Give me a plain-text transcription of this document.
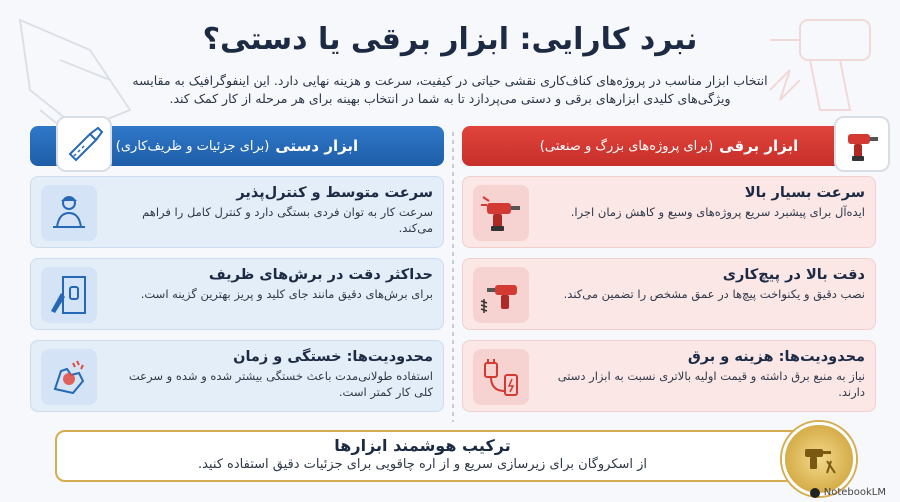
نبرد کارایی: ابزار برقی یا دستی؟
انتخاب ابزار مناسب در پروژه‌های کناف‌کاری نقشی حیاتی در کیفیت، سرعت و هزینه نهایی دارد. این اینفوگرافیک به مقایسه ویژگی‌های کلیدی ابزارهای برقی و دستی می‌پردازد تا به شما در انتخاب بهینه برای هر مرحله از کار کمک کند.
ابزار برقی
(برای پروژه‌های بزرگ و صنعتی)
سرعت بسیار بالا
ایده‌آل برای پیشبرد سریع پروژه‌های وسیع و کاهش زمان اجرا.
دقت بالا در پیچ‌کاری
نصب دقیق و یکنواخت پیچ‌ها در عمق مشخص را تضمین می‌کند.
محدودیت‌ها: هزینه و برق
نیاز به منبع برق داشته و قیمت اولیه بالاتری نسبت به ابزار دستی دارند.
ابزار دستی
(برای جزئیات و ظریف‌کاری)
سرعت متوسط و کنترل‌پذیر
سرعت کار به توان فردی بستگی دارد و کنترل کامل را فراهم می‌کند.
حداکثر دقت در برش‌های ظریف
برای برش‌های دقیق مانند جای کلید و پریز بهترین گزینه است.
محدودیت‌ها: خستگی و زمان
استفاده طولانی‌مدت باعث خستگی بیشتر شده و شده و سرعت کلی کار کمتر است.
ترکیب هوشمند ابزارها
از اسکروگان برای زیرسازی سریع و از اره چاقویی برای جزئیات دقیق استفاده کنید.
NotebookLM
